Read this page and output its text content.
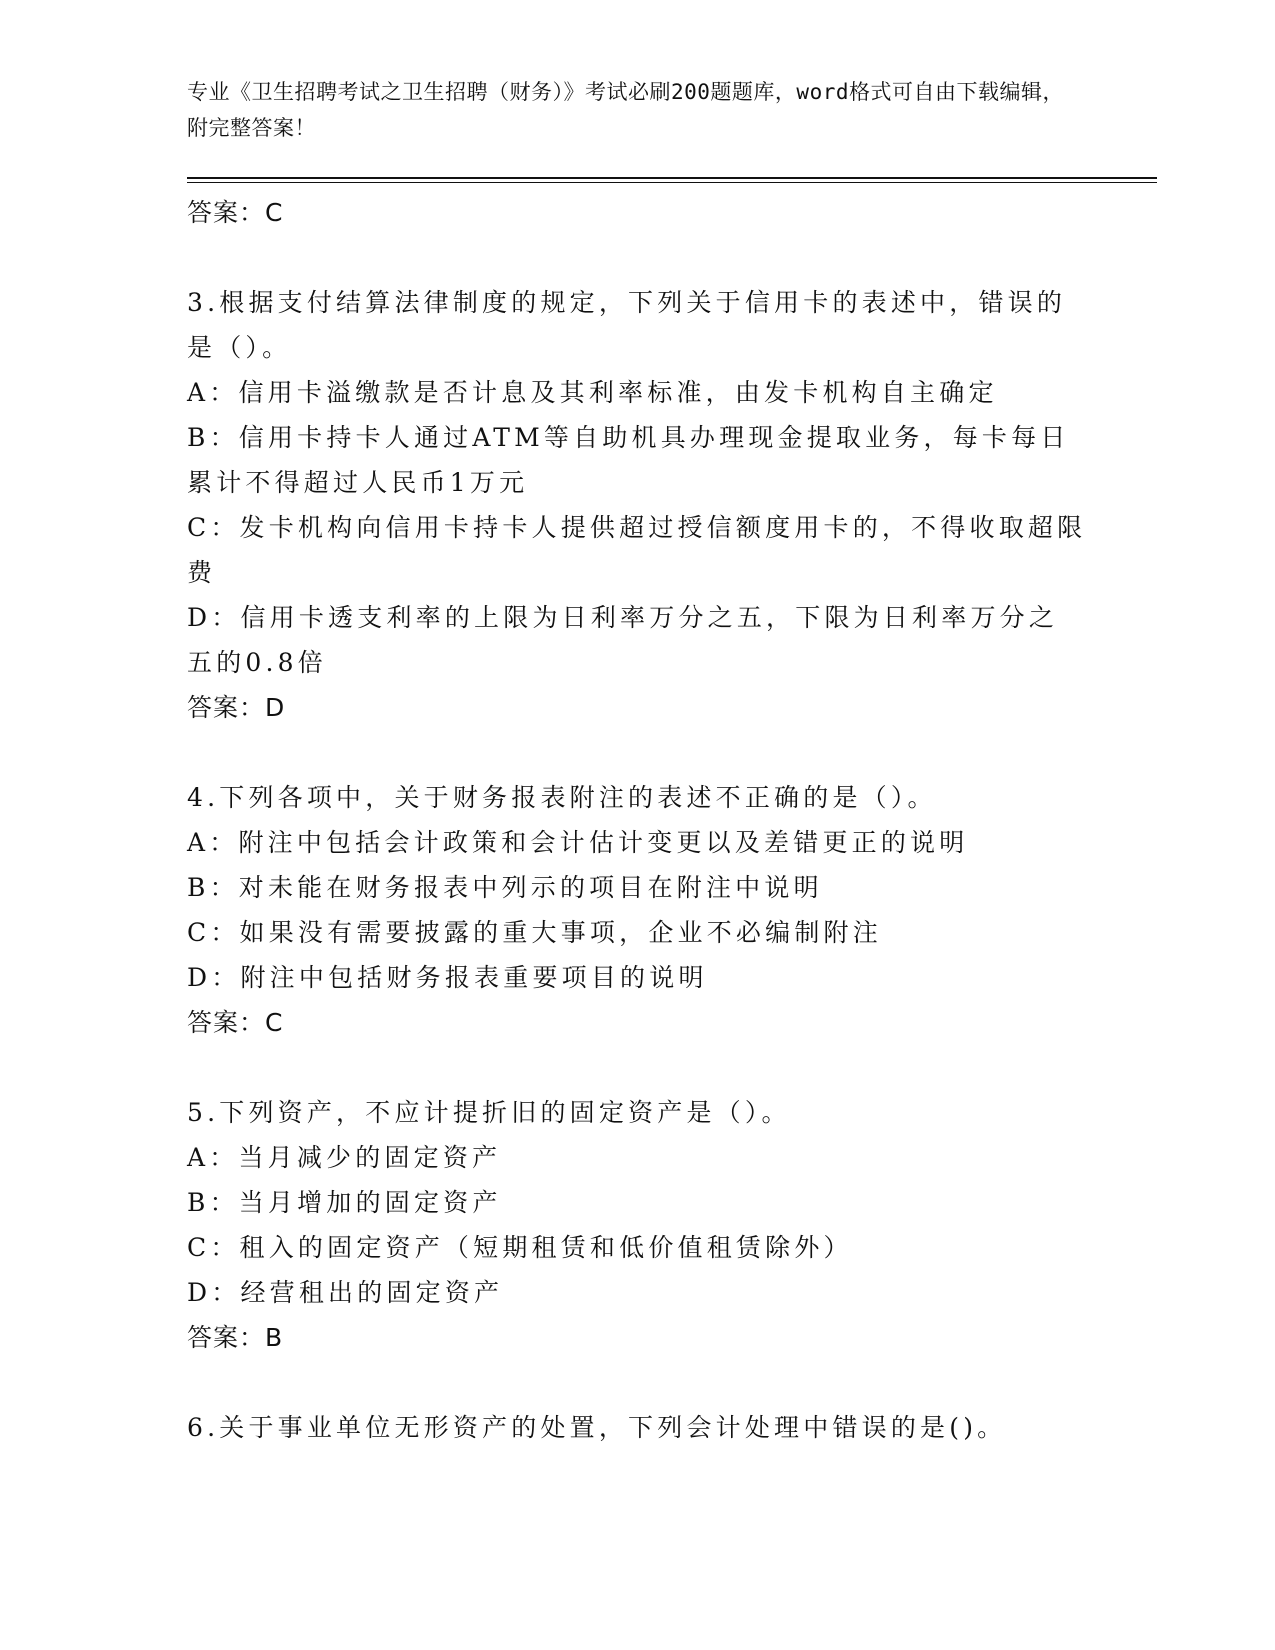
专业《卫生招聘考试之卫生招聘（财务）》考试必刷200题题库，word格式可自由下载编辑，附完整答案！
答案：C
3.根据支付结算法律制度的规定，下列关于信用卡的表述中，错误的是（）。
A：信用卡溢缴款是否计息及其利率标准，由发卡机构自主确定
B：信用卡持卡人通过ATM等自助机具办理现金提取业务，每卡每日累计不得超过人民币1万元
C：发卡机构向信用卡持卡人提供超过授信额度用卡的，不得收取超限费
D：信用卡透支利率的上限为日利率万分之五，下限为日利率万分之五的0.8倍
答案：D
4.下列各项中，关于财务报表附注的表述不正确的是（）。
A：附注中包括会计政策和会计估计变更以及差错更正的说明
B：对未能在财务报表中列示的项目在附注中说明
C：如果没有需要披露的重大事项，企业不必编制附注
D：附注中包括财务报表重要项目的说明
答案：C
5.下列资产，不应计提折旧的固定资产是（）。
A：当月减少的固定资产
B：当月增加的固定资产
C：租入的固定资产（短期租赁和低价值租赁除外）
D：经营租出的固定资产
答案：B
6.关于事业单位无形资产的处置，下列会计处理中错误的是()。
